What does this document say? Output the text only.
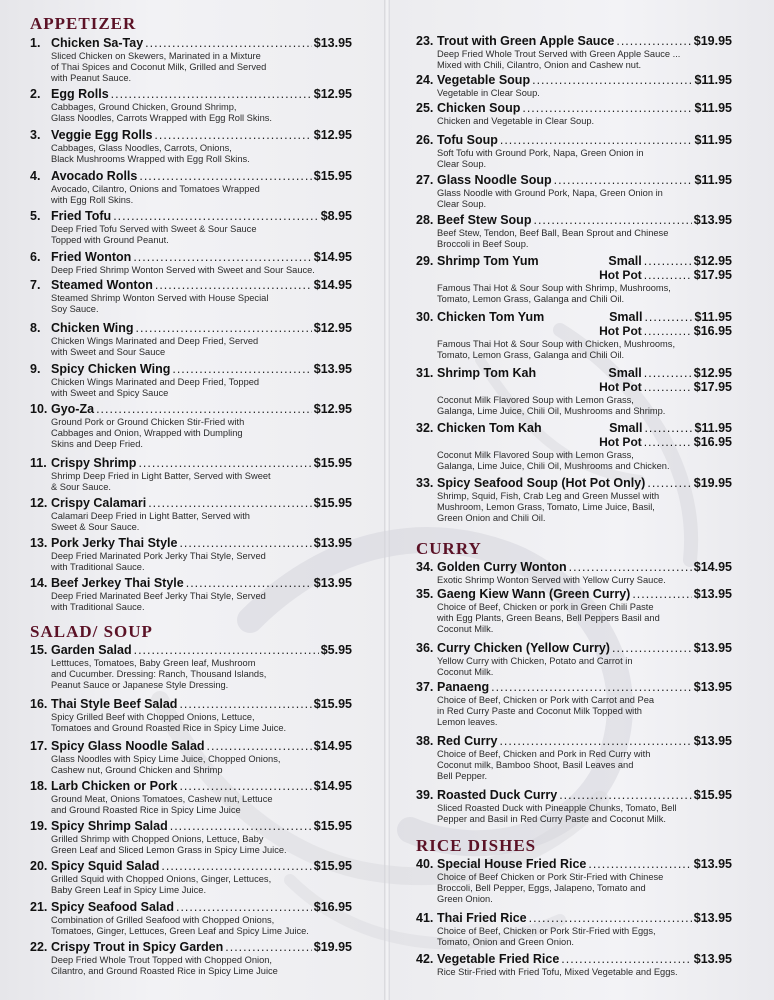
APPETIZER
SALAD/ SOUP
1. Chicken Sa-Tay .....	$13.95
Sliced Chicken on Skewers, Marinated in a Mixture
of Thai Spices and Coconut Milk, Grilled and Served
with Peanut Sauce.
2. Egg Rolls .....	$12.95
Cabbages, Ground Chicken, Ground Shrimp,
Glass Noodles, Carrots Wrapped with Egg Roll Skins.
3. Veggie Egg Rolls .....	$12.95
Cabbages, Glass Noodles, Carrots, Onions,
Black Mushrooms Wrapped with Egg Roll Skins.
4. Avocado Rolls .....	$15.95
Avocado, Cilantro, Onions and Tomatoes Wrapped
with Egg Roll Skins.
5. Fried Tofu .....	$8.95
Deep Fried Tofu Served with Sweet & Sour Sauce
Topped with Ground Peanut.
6. Fried Wonton .....	$14.95
Deep Fried Shrimp Wonton Served with Sweet and Sour Sauce.
7. Steamed Wonton .....	$14.95
Steamed Shrimp Wonton Served with House Special
Soy Sauce.
8. Chicken Wing .....	$12.95
Chicken Wings Marinated and Deep Fried, Served
with Sweet and Sour Sauce
9. Spicy Chicken Wing .....	$13.95
Chicken Wings Marinated and Deep Fried, Topped
with Sweet and Spicy Sauce
10. Gyo-Za .....	$12.95
Ground Pork or Ground Chicken Stir-Fried with
Cabbages and Onion, Wrapped with Dumpling
Skins and Deep Fried.
11. Crispy Shrimp .....	$15.95
Shrimp Deep Fried in Light Batter, Served with Sweet
& Sour Sauce.
12. Crispy Calamari .....	$15.95
Calamari Deep Fried in Light Batter, Served with
Sweet & Sour Sauce.
13. Pork Jerky Thai Style .....	$13.95
Deep Fried Marinated Pork Jerky Thai Style, Served
with Traditional Sauce.
14. Beef Jerkey Thai Style .....	$13.95
Deep Fried Marinated Beef Jerky Thai Style, Served
with Traditional Sauce.
15. Garden Salad .....	$5.95
Letttuces, Tomatoes, Baby Green leaf, Mushroom
and Cucumber. Dressing: Ranch, Thousand Islands,
Peanut Sauce or Japanese Style Dressing.
16. Thai Style Beef Salad .....	$15.95
Spicy Grilled Beef with Chopped Onions, Lettuce,
Tomatoes and Ground Roasted Rice in Spicy Lime Juice.
17. Spicy Glass Noodle Salad .....	$14.95
Glass Noodles with Spicy Lime Juice, Chopped Onions,
Cashew nut, Ground Chicken and Shrimp
18. Larb Chicken or Pork .....	$14.95
Ground Meat, Onions Tomatoes, Cashew nut, Lettuce
and Ground Roasted Rice in Spicy Lime Juice
19. Spicy Shrimp Salad .....	$15.95
Grilled Shrimp with Chopped Onions, Lettuce, Baby
Green Leaf and Sliced Lemon Grass in Spicy Lime Juice.
20. Spicy Squid Salad .....	$15.95
Grilled Squid with Chopped Onions, Ginger, Lettuces,
Baby Green Leaf in Spicy Lime Juice.
21. Spicy Seafood Salad .....	$16.95
Combination of Grilled Seafood with Chopped Onions,
Tomatoes, Ginger, Lettuces, Green Leaf and Spicy Lime Juice.
22. Crispy Trout in Spicy Garden .....	$19.95
Deep Fried Whole Trout Topped with Chopped Onion,
Cilantro, and Ground Roasted Rice in Spicy Lime Juice
CURRY
RICE DISHES
23. Trout with Green Apple Sauce .....	$19.95
Deep Fried Whole Trout Served with Green Apple Sauce ...
Mixed with Chili, Cilantro, Onion and Cashew nut.
24. Vegetable Soup .....	$11.95
Vegetable in Clear Soup.
25. Chicken Soup .....	$11.95
Chicken and Vegetable in Clear Soup.
26. Tofu Soup .....	$11.95
Soft Tofu with Ground Pork, Napa, Green Onion in
Clear Soup.
27. Glass Noodle Soup .....	$11.95
Glass Noodle with Ground Pork, Napa, Green Onion in
Clear Soup.
28. Beef Stew Soup .....	$13.95
Beef Stew, Tendon, Beef Ball, Bean Sprout and Chinese
Broccoli in Beef Soup.
29. Shrimp Tom Yum	Small .....	$12.95
Hot Pot .....	$17.95
Famous Thai Hot & Sour Soup with Shrimp, Mushrooms,
Tomato, Lemon Grass, Galanga and Chili Oil.
30. Chicken Tom Yum	Small .....	$11.95
Hot Pot .....	$16.95
Famous Thai Hot & Sour Soup with Chicken, Mushrooms,
Tomato, Lemon Grass, Galanga and Chili Oil.
31. Shrimp Tom Kah	Small .....	$12.95
Hot Pot .....	$17.95
Coconut Milk Flavored Soup with Lemon Grass,
Galanga, Lime Juice, Chili Oil, Mushrooms and Shrimp.
32. Chicken Tom Kah	Small .....	$11.95
Hot Pot .....	$16.95
Coconut Milk Flavored Soup with Lemon Grass,
Galanga, Lime Juice, Chili Oil, Mushrooms and Chicken.
33. Spicy Seafood Soup (Hot Pot Only) .....	$19.95
Shrimp, Squid, Fish, Crab Leg and Green Mussel with
Mushroom, Lemon Grass, Tomato, Lime Juice, Basil,
Green Onion and Chili Oil.
34. Golden Curry Wonton .....	$14.95
Exotic Shrimp Wonton Served with Yellow Curry Sauce.
35. Gaeng Kiew Wann (Green Curry) .....	$13.95
Choice of Beef, Chicken or pork in Green Chili Paste
with Egg Plants, Green Beans, Bell Peppers Basil and
Coconut Milk.
36. Curry Chicken (Yellow Curry) .....	$13.95
Yellow Curry with Chicken, Potato and Carrot in
Coconut Milk.
37. Panaeng .....	$13.95
Choice of Beef, Chicken or Pork with Carrot and Pea
in Red Curry Paste and Coconut Milk Topped with
Lemon leaves.
38. Red Curry .....	$13.95
Choice of Beef, Chicken and Pork in Red Curry with
Coconut milk, Bamboo Shoot, Basil Leaves and
Bell Pepper.
39. Roasted Duck Curry .....	$15.95
Sliced Roasted Duck with Pineapple Chunks, Tomato, Bell
Pepper and Basil in Red Curry Paste and Coconut Milk.
40. Special House Fried Rice .....	$13.95
Choice of Beef Chicken or Pork Stir-Fried with Chinese
Broccoli, Bell Pepper, Eggs, Jalapeno, Tomato and
Green Onion.
41. Thai Fried Rice .....	$13.95
Choice of Beef, Chicken or Pork Stir-Fried with Eggs,
Tomato, Onion and Green Onion.
42. Vegetable Fried Rice .....	$13.95
Rice Stir-Fried with Fried Tofu, Mixed Vegetable and Eggs.
